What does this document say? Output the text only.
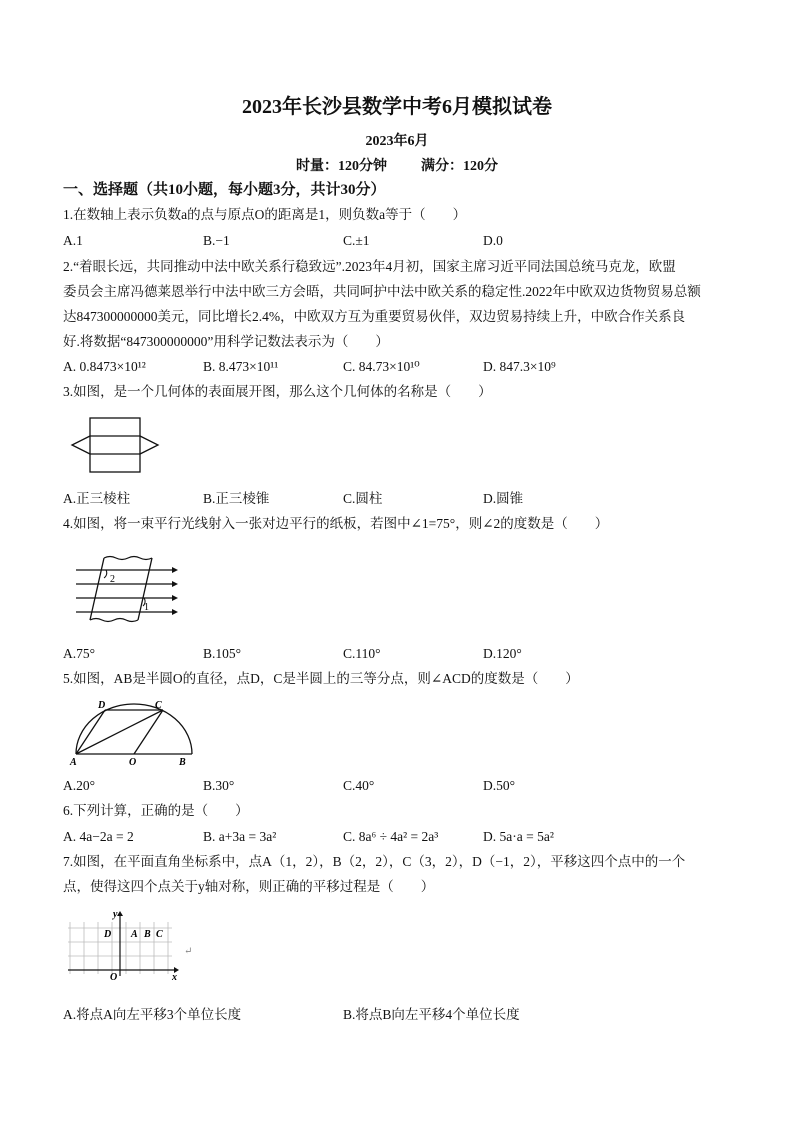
2023年长沙县数学中考6月模拟试卷
2023年6月
时量：120分钟 满分：120分
一、选择题（共10小题，每小题3分，共计30分）
1.在数轴上表示负数a的点与原点O的距离是1，则负数a等于（　　）
A.1	B.−1	C.±1	D.0
2.“着眼长远，共同推动中法中欧关系行稳致远”.2023年4月初，国家主席习近平同法国总统马克龙，欧盟
委员会主席冯德莱恩举行中法中欧三方会晤，共同呵护中法中欧关系的稳定性.2022年中欧双边货物贸易总额
达847300000000美元，同比增长2.4%，中欧双方互为重要贸易伙伴，双边贸易持续上升，中欧合作关系良
好.将数据“847300000000”用科学记数法表示为（　　）
A. 0.8473×10¹²	B. 8.473×10¹¹	C. 84.73×10¹⁰	D. 847.3×10⁹
3.如图，是一个几何体的表面展开图，那么这个几何体的名称是（　　）
A.正三棱柱	B.正三棱锥	C.圆柱	D.圆锥
4.如图，将一束平行光线射入一张对边平行的纸板，若图中∠1=75°，则∠2的度数是（　　）
2
1
A.75°	B.105°	C.110°	D.120°
5.如图，AB是半圆O的直径，点D，C是半圆上的三等分点，则∠ACD的度数是（　　）
D	C
A	O	B
A.20°	B.30°	C.40°	D.50°
6.下列计算，正确的是（　　）
A. 4a−2a = 2	B. a+3a = 3a²	C. 8a⁶ ÷ 4a² = 2a³	D. 5a·a = 5a²
7.如图，在平面直角坐标系中，点A（1，2），B（2，2），C（3，2），D（−1，2），平移这四个点中的一个
点，使得这四个点关于y轴对称，则正确的平移过程是（　　）
y
D A B C
O	x
↵
A.将点A向左平移3个单位长度	B.将点B向左平移4个单位长度
